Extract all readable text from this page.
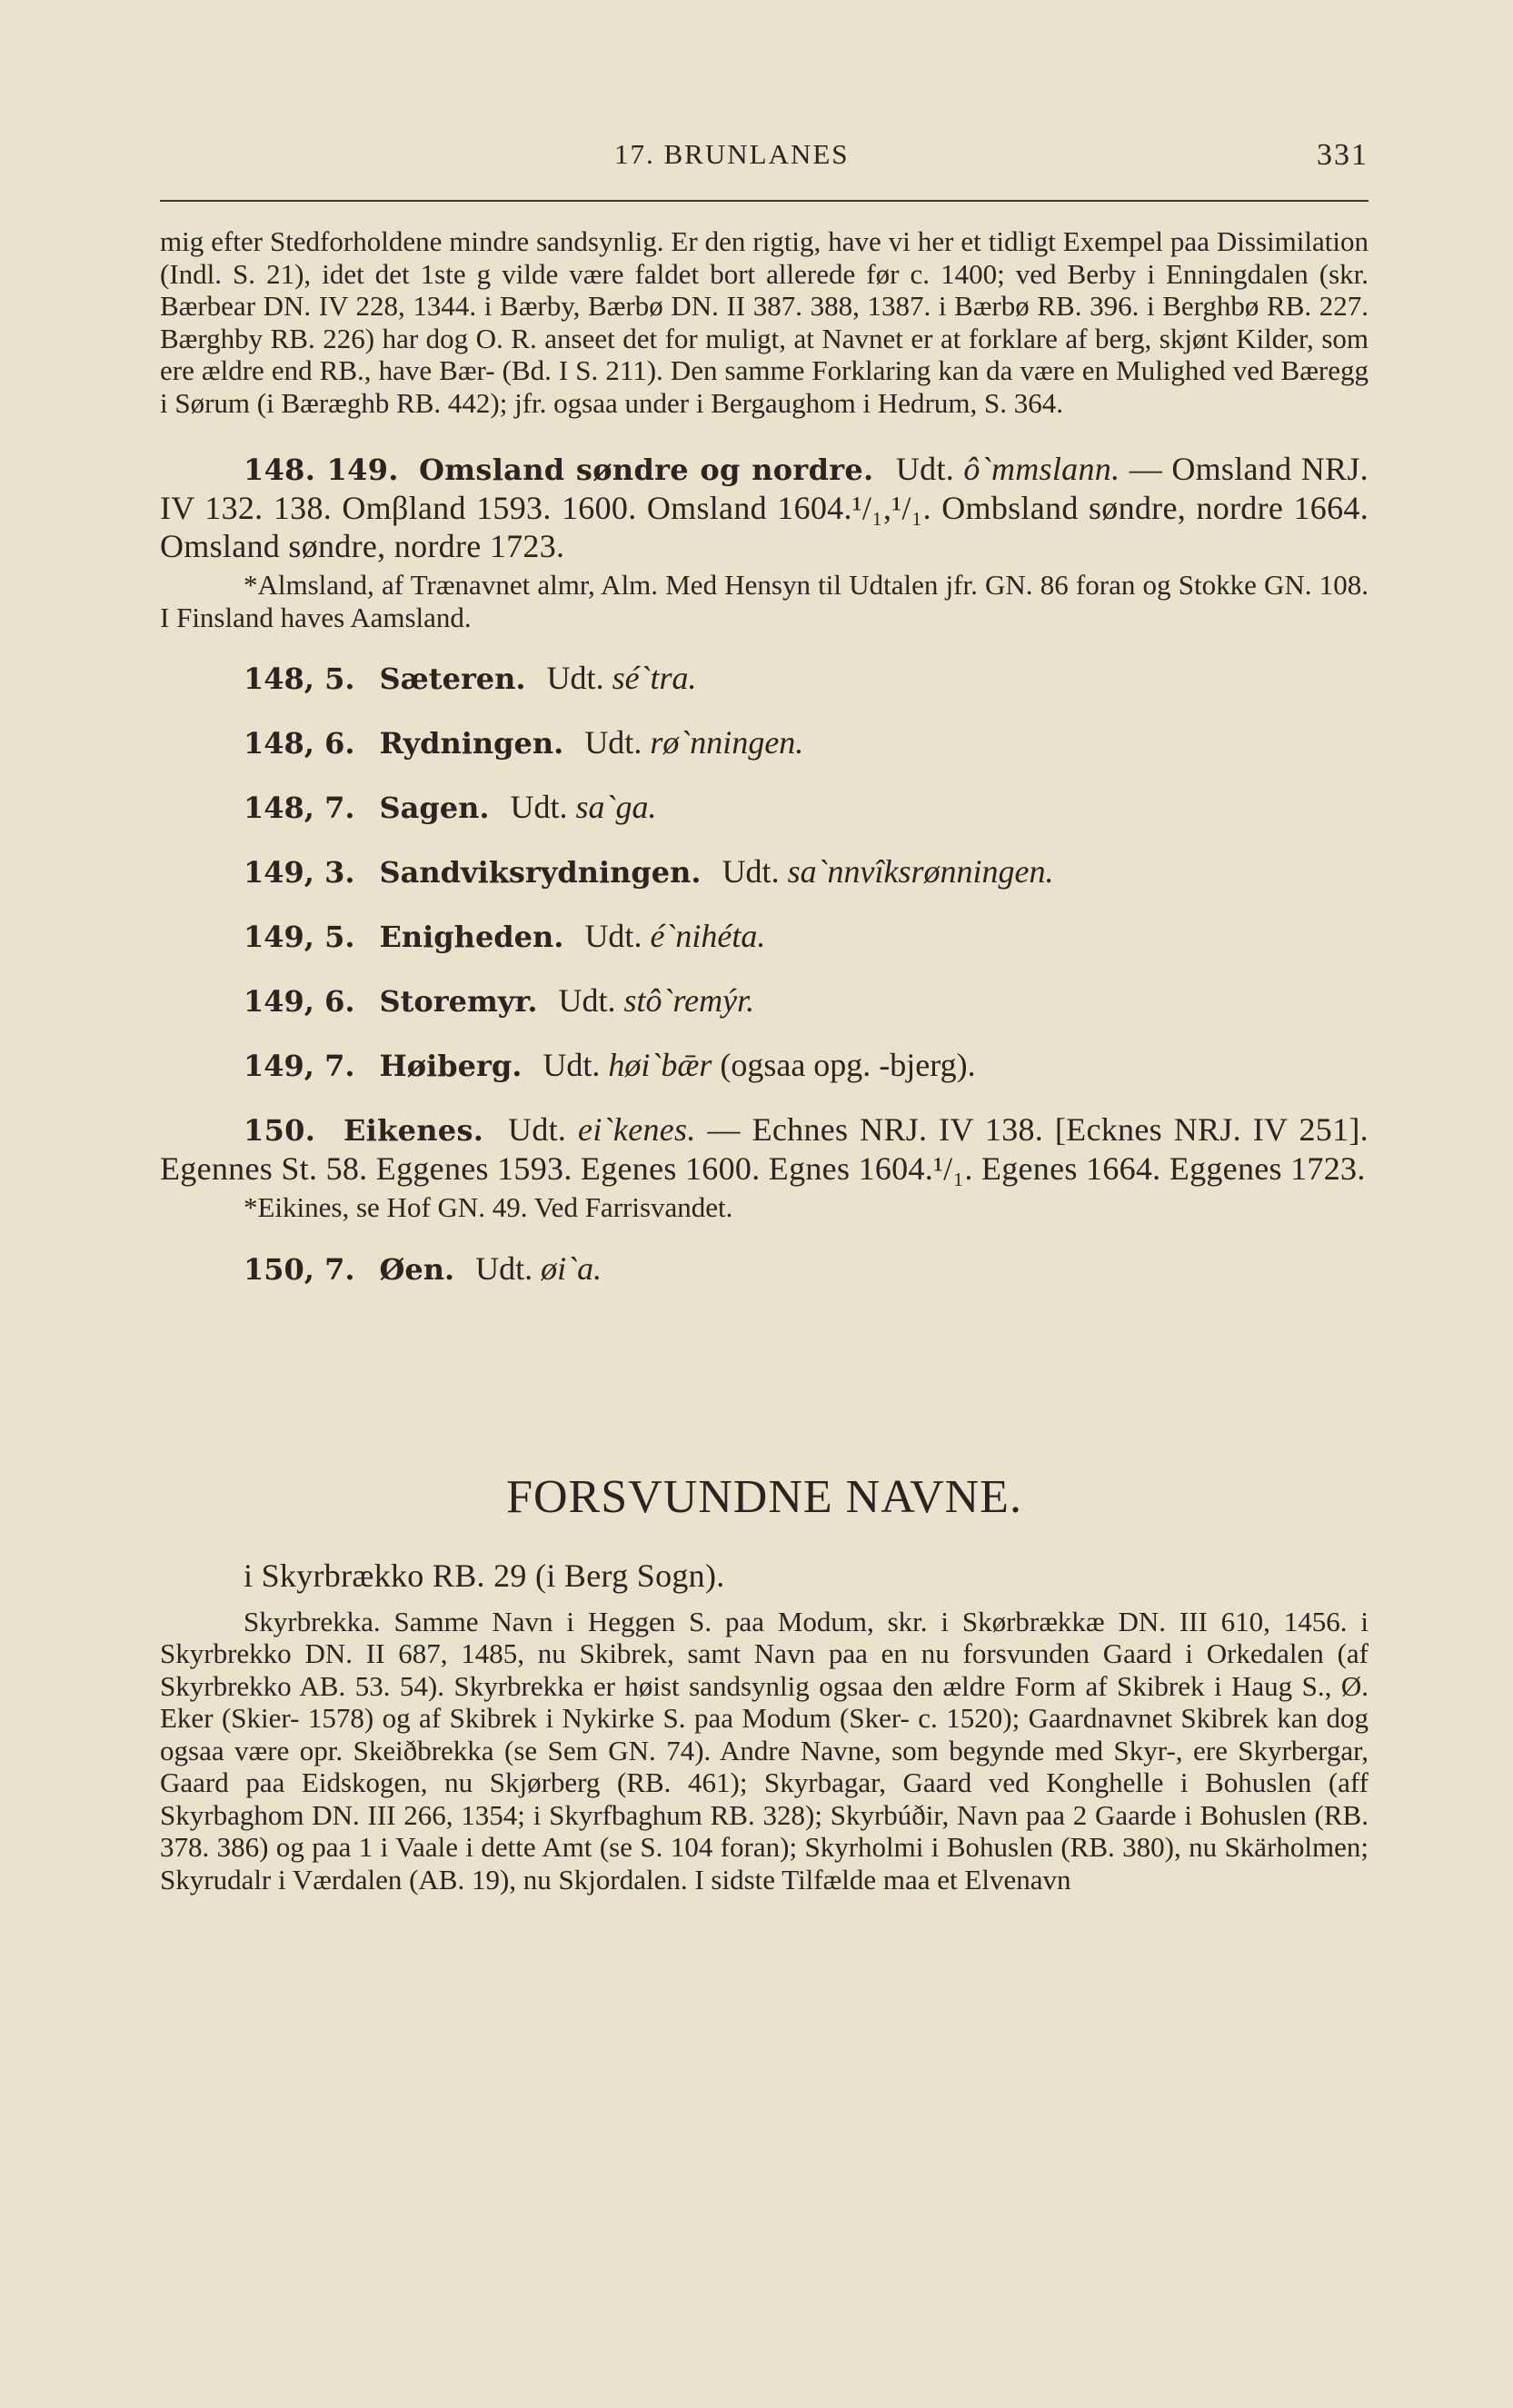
17. BRUNLANES	331

mig efter Stedforholdene mindre sandsynlig. Er den rigtig, have vi her et tidligt Exempel paa Dissimilation (Indl. S. 21), idet det 1ste g vilde være faldet bort allerede før c. 1400; ved Berby i Enningdalen (skr. Bærbear DN. IV 228, 1344. i Bærby, Bærbø DN. II 387. 388, 1387. i Bærbø RB. 396. i Berghbø RB. 227. Bærghby RB. 226) har dog O. R. anseet det for muligt, at Navnet er at forklare af berg, skjønt Kilder, som ere ældre end RB., have Bær- (Bd. I S. 211). Den samme Forklaring kan da være en Mulighed ved Bæregg i Sørum (i Bæræghb RB. 442); jfr. ogsaa under i Bergaughom i Hedrum, S. 364.

148. 149. Omsland søndre og nordre. Udt. ô`mmslann. — Omsland NRJ. IV 132. 138. Omβland 1593. 1600. Omsland 1604.¹/₁,¹/₁. Ombsland søndre, nordre 1664. Omsland søndre, nordre 1723.

*Almsland, af Trænavnet almr, Alm. Med Hensyn til Udtalen jfr. GN. 86 foran og Stokke GN. 108. I Finsland haves Aamsland.

148, 5. Sæteren. Udt. sé`tra.

148, 6. Rydningen. Udt. rø`nningen.

148, 7. Sagen. Udt. sa`ga.

149, 3. Sandviksrydningen. Udt. sa`nnvîksrønningen.

149, 5. Enigheden. Udt. é`nihéta.

149, 6. Storemyr. Udt. stô`remýr.

149, 7. Høiberg. Udt. høi`bǣr (ogsaa opg. -bjerg).

150. Eikenes. Udt. ei`kenes. — Echnes NRJ. IV 138. [Ecknes NRJ. IV 251]. Egennes St. 58. Eggenes 1593. Egenes 1600. Egnes 1604.¹/₁. Egenes 1664. Eggenes 1723.

*Eikines, se Hof GN. 49. Ved Farrisvandet.

150, 7. Øen. Udt. øi`a.

FORSVUNDNE NAVNE.

i Skyrbrækko RB. 29 (i Berg Sogn).

Skyrbrekka. Samme Navn i Heggen S. paa Modum, skr. i Skørbrækkæ DN. III 610, 1456. i Skyrbrekko DN. II 687, 1485, nu Skibrek, samt Navn paa en nu forsvunden Gaard i Orkedalen (af Skyrbrekko AB. 53. 54). Skyrbrekka er høist sandsynlig ogsaa den ældre Form af Skibrek i Haug S., Ø. Eker (Skier- 1578) og af Skibrek i Nykirke S. paa Modum (Sker- c. 1520); Gaardnavnet Skibrek kan dog ogsaa være opr. Skeiðbrekka (se Sem GN. 74). Andre Navne, som begynde med Skyr-, ere Skyrbergar, Gaard paa Eidskogen, nu Skjørberg (RB. 461); Skyrbagar, Gaard ved Konghelle i Bohuslen (aff Skyrbaghom DN. III 266, 1354; i Skyrfbaghum RB. 328); Skyrbúðir, Navn paa 2 Gaarde i Bohuslen (RB. 378. 386) og paa 1 i Vaale i dette Amt (se S. 104 foran); Skyrholmi i Bohuslen (RB. 380), nu Skärholmen; Skyrudalr i Værdalen (AB. 19), nu Skjordalen. I sidste Tilfælde maa et Elvenavn
